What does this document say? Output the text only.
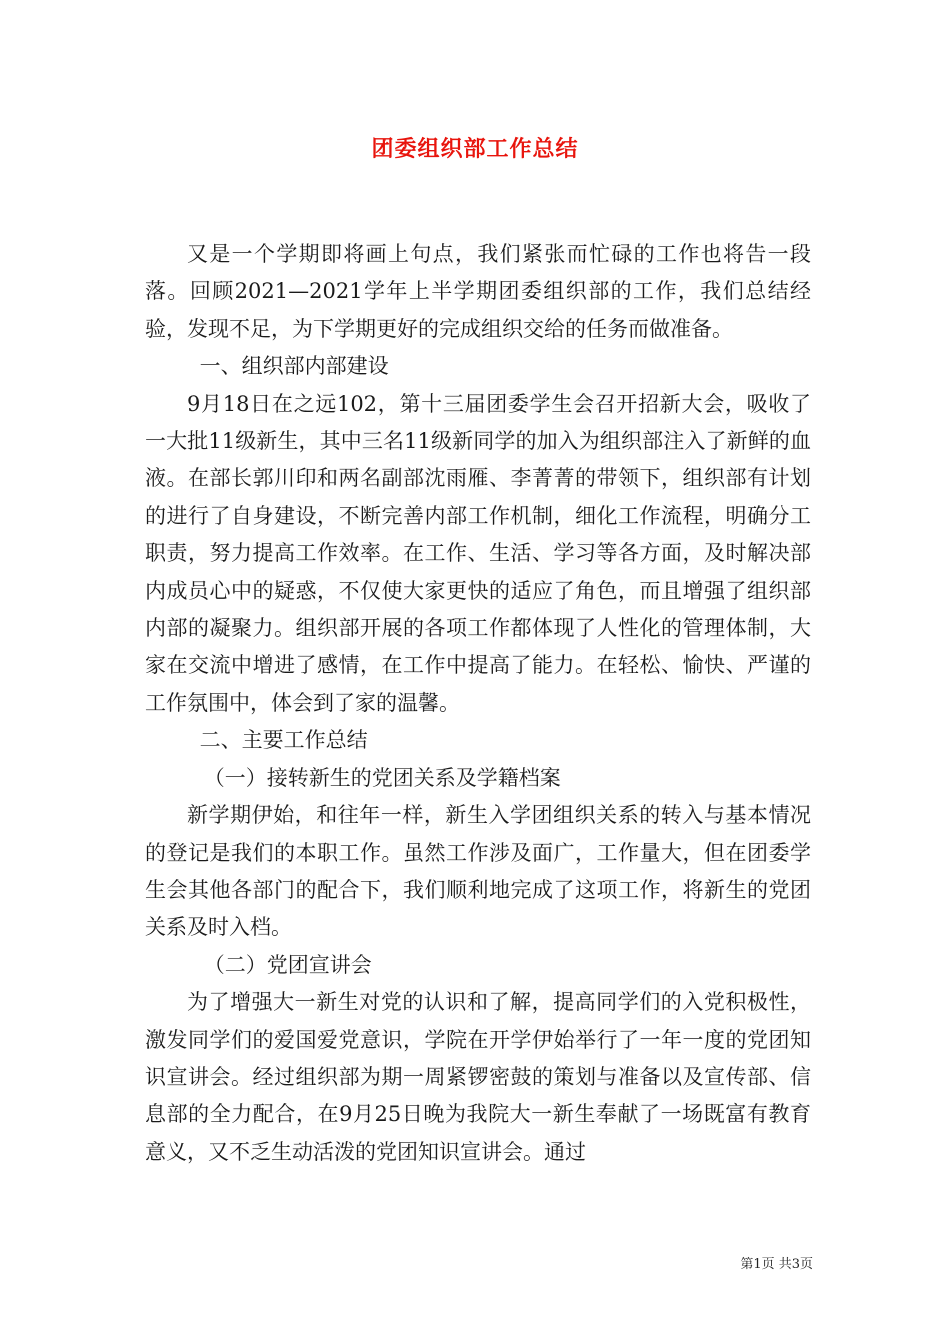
团委组织部工作总结

又是一个学期即将画上句点，我们紧张而忙碌的工作也将告一段落。回顾2021—2021学年上半学期团委组织部的工作，我们总结经验，发现不足，为下学期更好的完成组织交给的任务而做准备。

一、组织部内部建设

9月18日在之远102，第十三届团委学生会召开招新大会，吸收了一大批11级新生，其中三名11级新同学的加入为组织部注入了新鲜的血液。在部长郭川印和两名副部沈雨雁、李菁菁的带领下，组织部有计划的进行了自身建设，不断完善内部工作机制，细化工作流程，明确分工职责，努力提高工作效率。在工作、生活、学习等各方面，及时解决部内成员心中的疑惑，不仅使大家更快的适应了角色，而且增强了组织部内部的凝聚力。组织部开展的各项工作都体现了人性化的管理体制，大家在交流中增进了感情，在工作中提高了能力。在轻松、愉快、严谨的工作氛围中，体会到了家的温馨。

二、主要工作总结

（一）接转新生的党团关系及学籍档案

新学期伊始，和往年一样，新生入学团组织关系的转入与基本情况的登记是我们的本职工作。虽然工作涉及面广，工作量大，但在团委学生会其他各部门的配合下，我们顺利地完成了这项工作，将新生的党团关系及时入档。

（二）党团宣讲会

为了增强大一新生对党的认识和了解，提高同学们的入党积极性，激发同学们的爱国爱党意识，学院在开学伊始举行了一年一度的党团知识宣讲会。经过组织部为期一周紧锣密鼓的策划与准备以及宣传部、信息部的全力配合，在9月25日晚为我院大一新生奉献了一场既富有教育意义，又不乏生动活泼的党团知识宣讲会。通过

第1页 共3页
